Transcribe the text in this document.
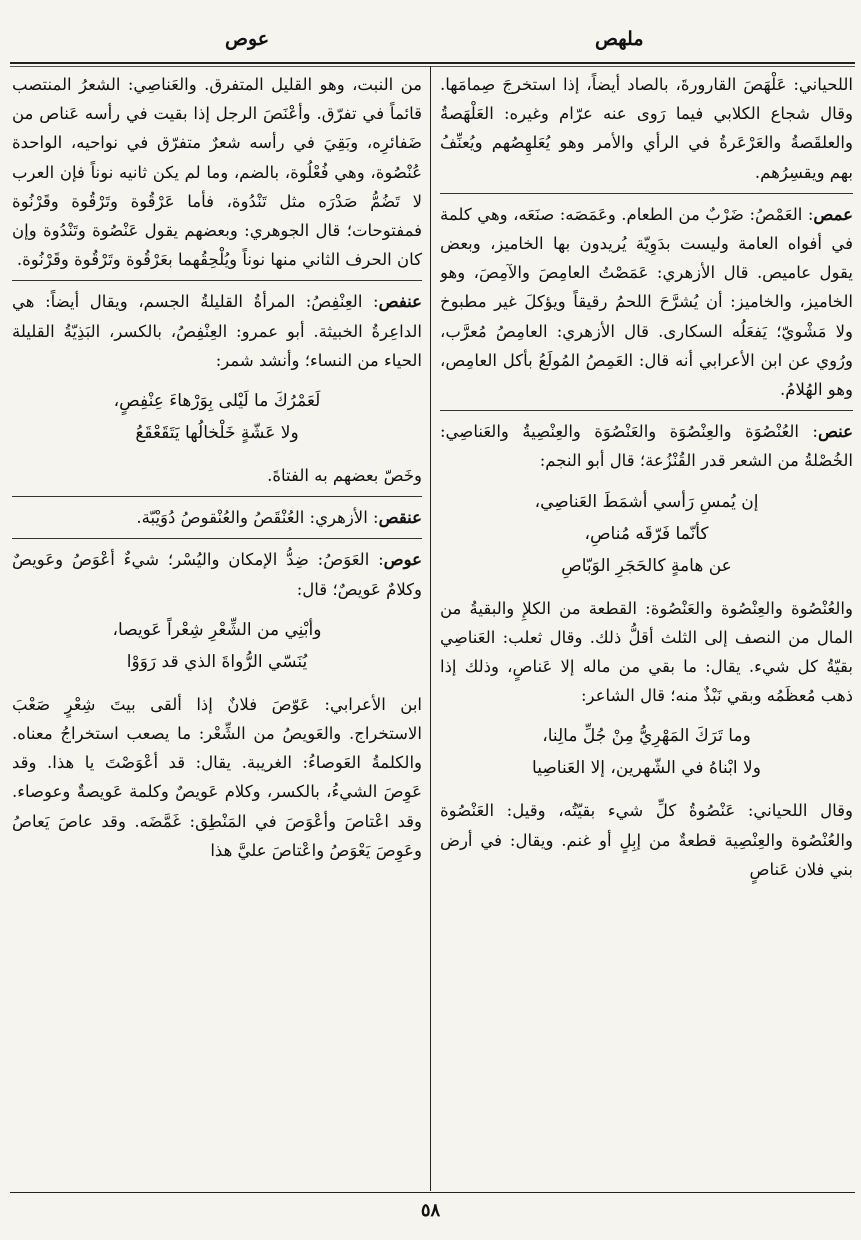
ملهص
عوص

اللحياني: عَلْهَصَ القارورةَ، بالصاد أيضاً، إذا استخرجَ صِمامَها. وقال شجاع الكلابي فيما رَوى عنه عرّام وغيره: العَلْهَصةُ والعلقَصةُ والعَرْعَرةُ في الرأي والأمر وهو يُعَلهِصُهم ويُعنِّفُ بهم ويقسِرُهم.

عمص: العَمْصُ: ضَرْبٌ من الطعام. وعَمَصَه: صنَعَه، وهي كلمة في أفواه العامة وليست بدَوِيّة يُريدون بها الخاميز، وبعض يقول عاميص. قال الأزهري: عَمَصْتُ العامِصَ والآمِصَ، وهو الخاميز، والخاميز: أن يُشرَّحَ اللحمُ رقيقاً ويؤكلَ غير مطبوخ ولا مَشْويّ؛ يَفعَلُه السكارى. قال الأزهري: العامِصُ مُعرَّب، ورُوي عن ابن الأعرابي أنه قال: العَمِصُ المُولَعُ بأكل العامِص، وهو الهُلامُ.

عنص: العُنْصُوَة والعِنْصُوَة والعَنْصُوَة والعِنْصِيةُ والعَناصِي: الخُصْلةُ من الشعر قدر القُنْزُعة؛ قال أبو النجم:

إن يُمسِ رَأسي أشمَطَ العَناصِي،
كأنّما فَرّقَه مُناصِ،
عن هامةٍ كالحَجَرِ الوَبّاصِ

والعُنْصُوة والعِنْصُوة والعَنْصُوة: القطعة من الكلإِ والبقيةُ من المال من النصف إلى الثلث أقلُّ ذلك. وقال ثعلب: العَناصِي بقيّةُ كل شيء. يقال: ما بقي من ماله إلا عَناصٍ، وذلك إذا ذهب مُعظَمُه وبقي نَبْذٌ منه؛ قال الشاعر:

وما تَرَكَ المَهْرِيُّ مِنْ جُلِّ مالِنا،
ولا ابْناهُ في الشّهرين، إلا العَناصِيا

وقال اللحياني: عَنْصُوةُ كلِّ شيء بقيّتُه، وقيل: العَنْصُوة والعُنْصُوة والعِنْصِية قطعةٌ من إبِلٍ أو غنم. ويقال: في أرض بني فلان عَناصٍ

من النبت، وهو القليل المتفرق. والعَناصِي: الشعرُ المنتصب قائماً في تفرّق. وأعْنَصَ الرجل إذا بقيت في رأسه عَناص من ضَفائرِه، وبَقِيَ في رأسه شعرٌ متفرّق في نواحيه، الواحدة عُنْصُوة، وهي فُعْلُوة، بالضم، وما لم يكن ثانيه نوناً فإن العرب لا تَضُمُّ صَدْرَه مثل تَنْدُوة، فأما عَرْقُوة وتَرْقُوة وقَرْنُوة فمفتوحات؛ قال الجوهري: وبعضهم يقول عَنْصُوة وتَنْدُوة وإن كان الحرف الثاني منها نوناً ويُلْحِقُهما بعَرْقُوة وتَرْقُوة وقَرْنُوة.

عنفص: العِنْفِصُ: المرأةُ القليلةُ الجسم، ويقال أيضاً: هي الداعِرةُ الخبيثة. أبو عمرو: العِنْفِصُ، بالكسر، البَذِيّةُ القليلة الحياء من النساء؛ وأنشد شمر:

لَعَمْرُكَ ما لَيْلى بِوَرْهاءَ عِنْفِصٍ،
ولا عَشّةٍ خَلْخالُها يَتَقَعْقَعُ

وخَصّ بعضهم به الفتاةَ.

عنقص: الأزهري: العُنْقَصُ والعُنْقوصُ دُوَيْبّة.

عوص: العَوَصُ: ضِدُّ الإمكان واليُسْر؛ شيءٌ أعْوَصُ وعَويصٌ وكلامٌ عَويصٌ؛ قال:

وأبْنِي من الشِّعْرِ شِعْراً عَويصا،
يُنَسّي الرُّواةَ الذي قد رَوَوْا

ابن الأعرابي: عَوّصَ فلانٌ إذا ألقى بيتَ شِعْرٍ صَعْبَ الاستخراج. والعَويصُ من الشِّعْر: ما يصعب استخراجُ معناه. والكلمةُ العَوصاءُ: الغريبة. يقال: قد أعْوَصْتَ يا هذا. وقد عَوِصَ الشيءُ، بالكسر، وكلام عَويصٌ وكلمة عَويصةٌ وعوصاء. وقد اعْتاصَ وأعْوَصَ في المَنْطِق: غَمَّضَه. وقد عاصَ يَعاصُ وعَوِصَ يَعْوَصُ واعْتاصَ عليَّ هذا

٥٨
